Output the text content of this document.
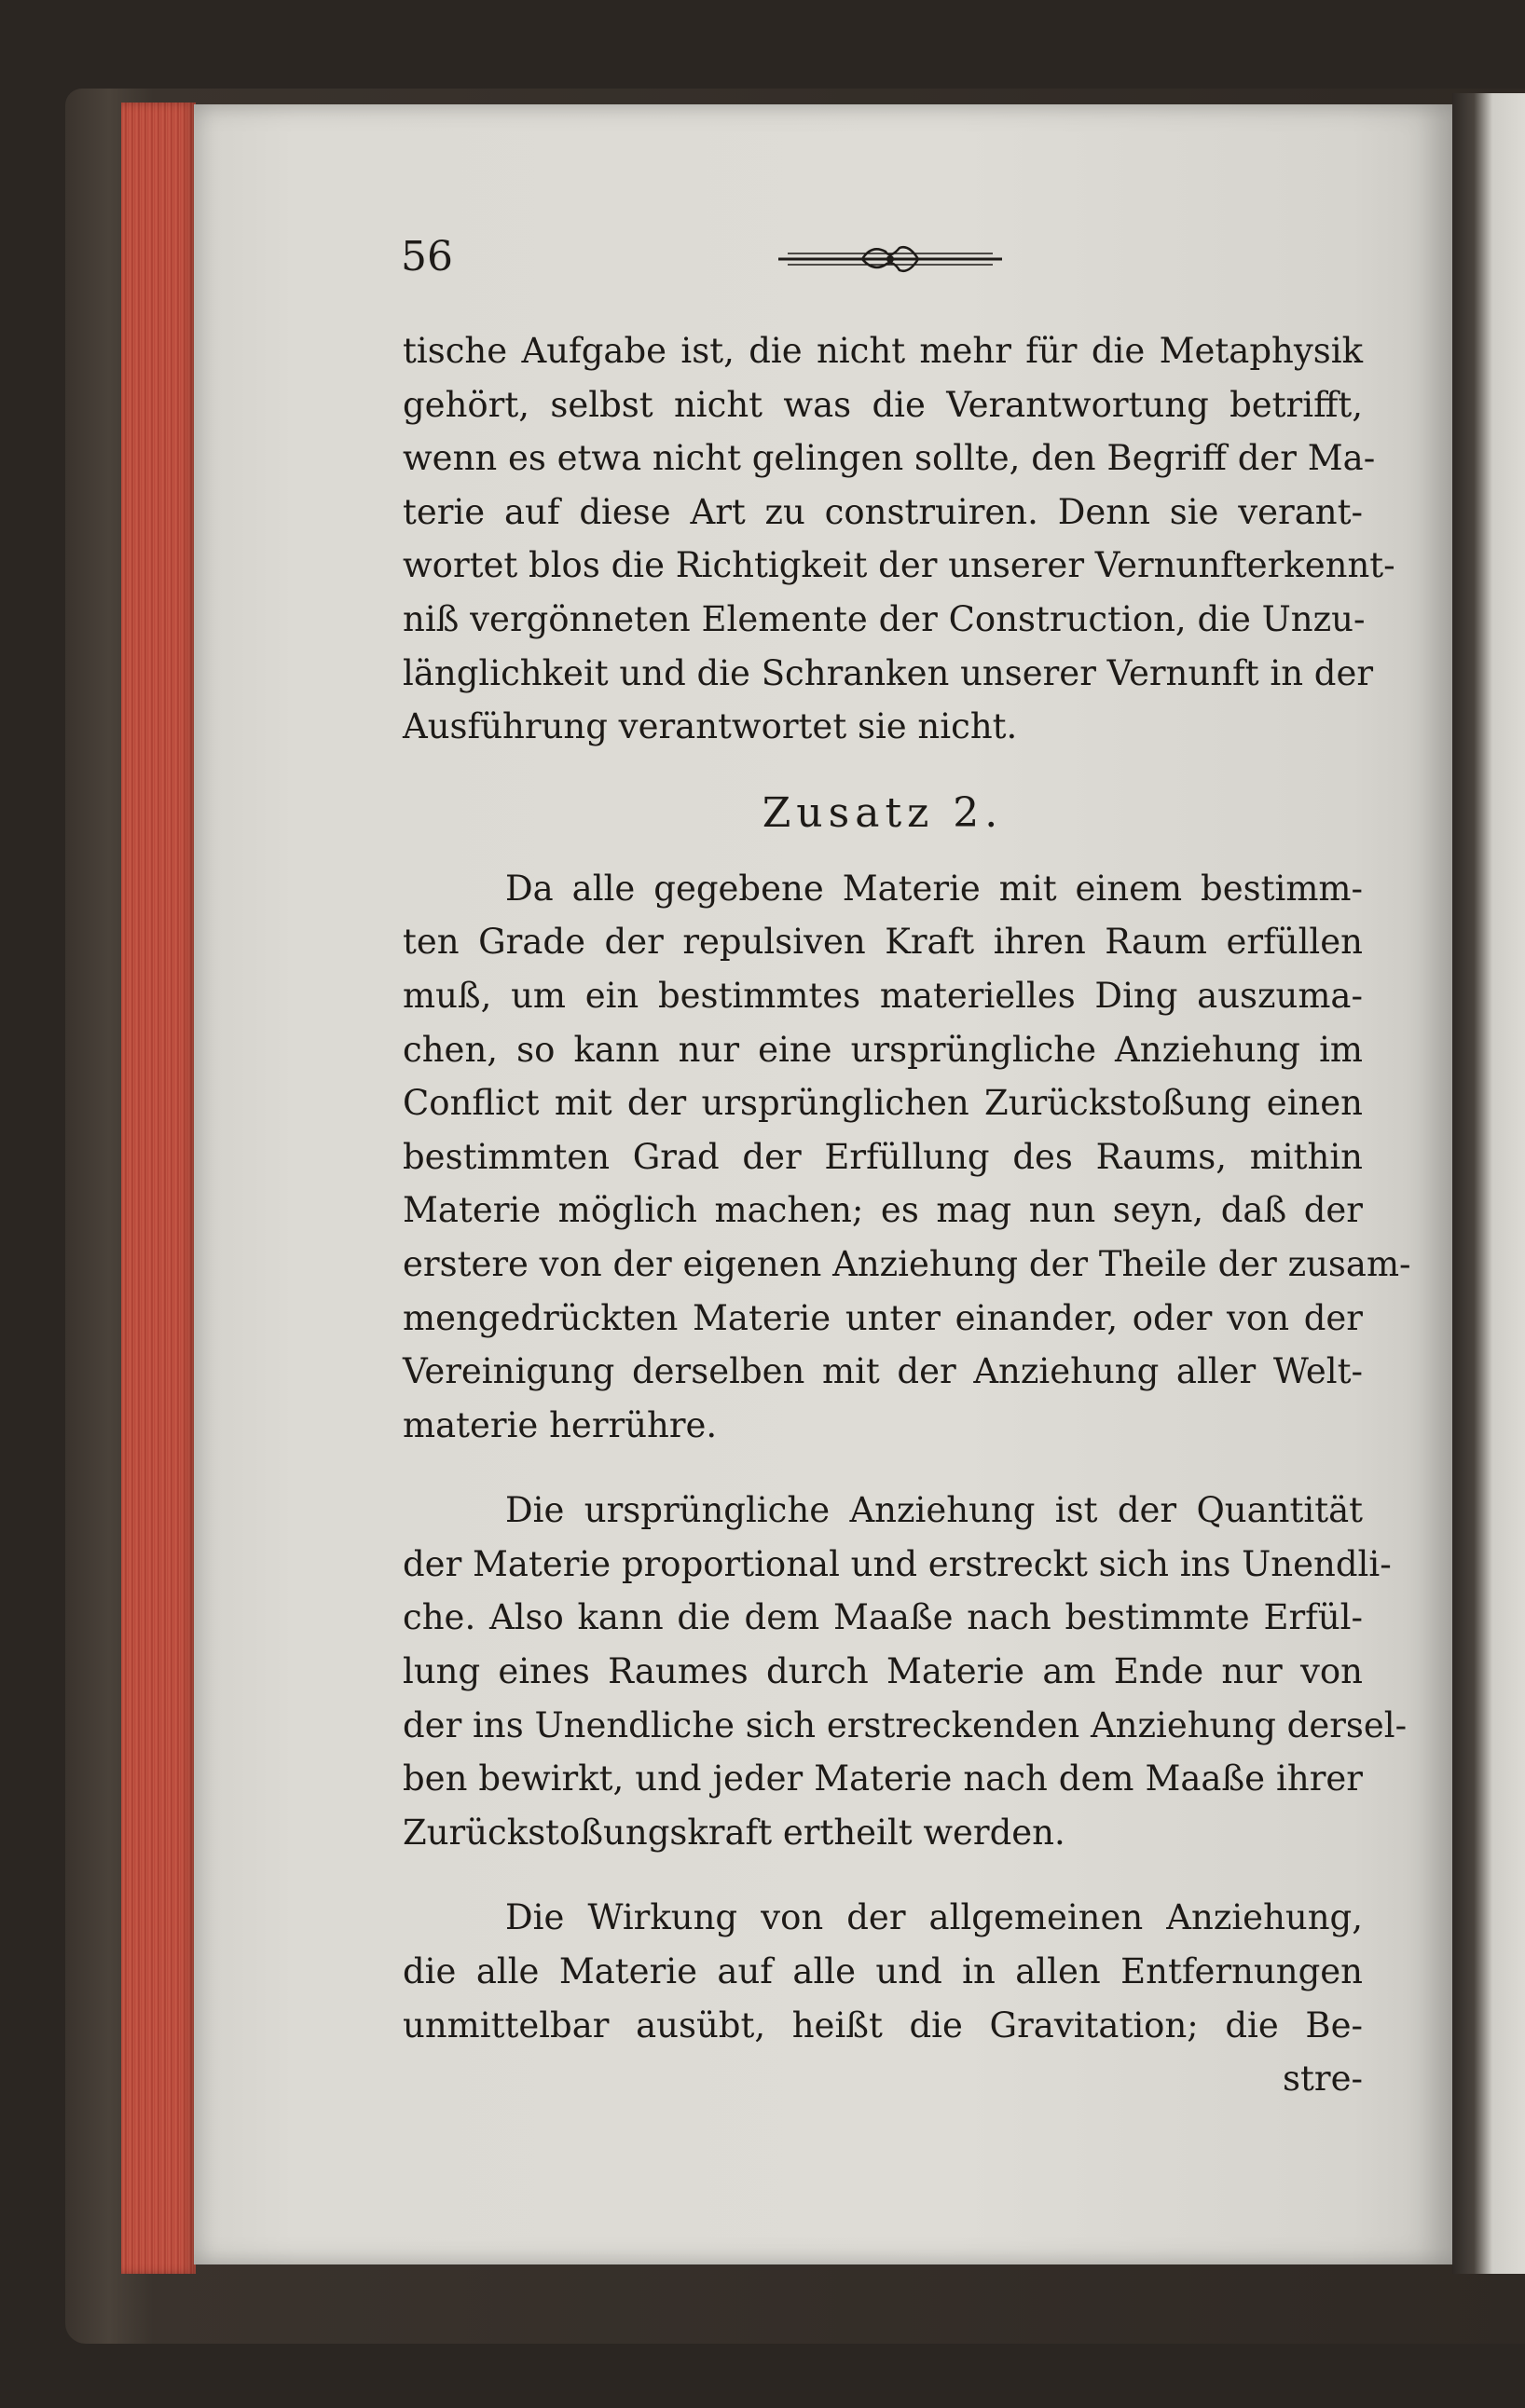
56
tische Aufgabe ist, die nicht mehr für die Metaphysik
gehört, selbst nicht was die Verantwortung betrifft,
wenn es etwa nicht gelingen sollte, den Begriff der Ma-
terie auf diese Art zu construiren. Denn sie verant-
wortet blos die Richtigkeit der unserer Vernunfterkennt-
niß vergönneten Elemente der Construction, die Unzu-
länglichkeit und die Schranken unserer Vernunft in der
Ausführung verantwortet sie nicht.
Zusatz 2.
Da alle gegebene Materie mit einem bestimm-
ten Grade der repulsiven Kraft ihren Raum erfüllen
muß, um ein bestimmtes materielles Ding auszuma-
chen, so kann nur eine ursprüngliche Anziehung im
Conflict mit der ursprünglichen Zurückstoßung einen
bestimmten Grad der Erfüllung des Raums, mithin
Materie möglich machen; es mag nun seyn, daß der
erstere von der eigenen Anziehung der Theile der zusam-
mengedrückten Materie unter einander, oder von der
Vereinigung derselben mit der Anziehung aller Welt-
materie herrühre.
Die ursprüngliche Anziehung ist der Quantität
der Materie proportional und erstreckt sich ins Unendli-
che. Also kann die dem Maaße nach bestimmte Erfül-
lung eines Raumes durch Materie am Ende nur von
der ins Unendliche sich erstreckenden Anziehung dersel-
ben bewirkt, und jeder Materie nach dem Maaße ihrer
Zurückstoßungskraft ertheilt werden.
Die Wirkung von der allgemeinen Anziehung,
die alle Materie auf alle und in allen Entfernungen
unmittelbar ausübt, heißt die Gravitation; die Be-
stre-
